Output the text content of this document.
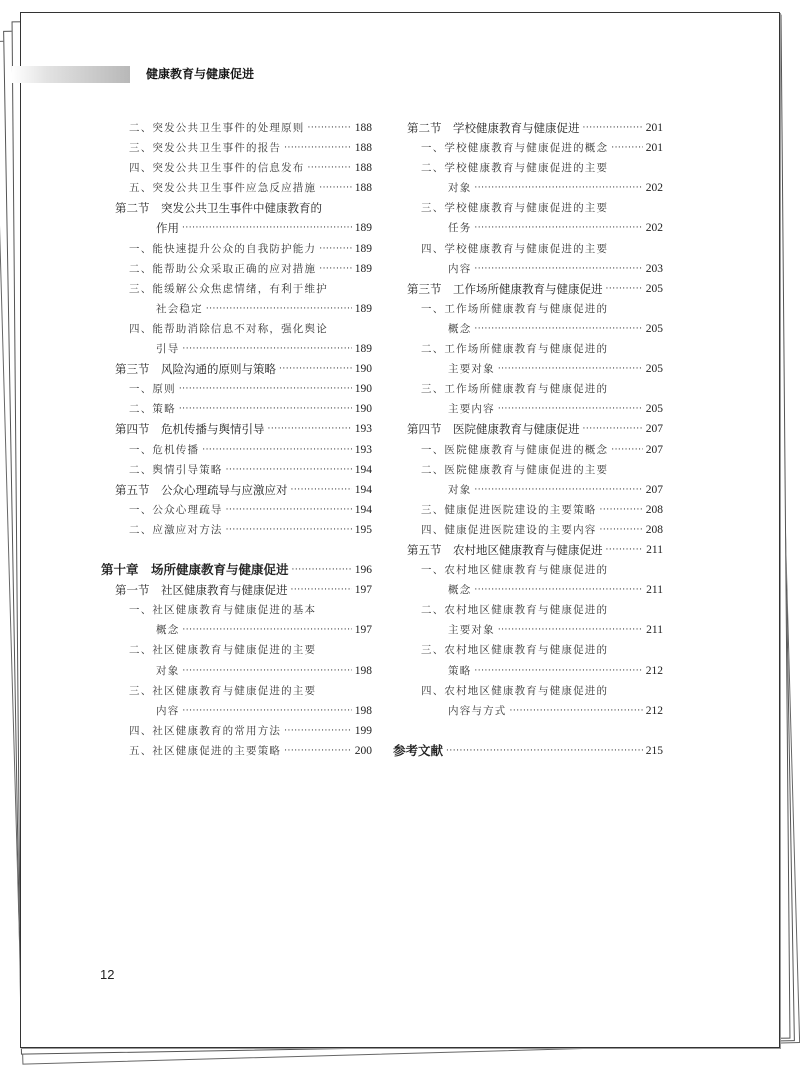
健康教育与健康促进
二、突发公共卫生事件的处理原则 ·····	188
三、突发公共卫生事件的报告 ·····	188
四、突发公共卫生事件的信息发布 ·····	188
五、突发公共卫生事件应急反应措施 ·····	188
第二节　突发公共卫生事件中健康教育的
作用 ·····	189
一、能快速提升公众的自我防护能力 ·····	189
二、能帮助公众采取正确的应对措施 ·····	189
三、能缓解公众焦虑情绪，有利于维护
社会稳定 ·····	189
四、能帮助消除信息不对称，强化舆论
引导 ·····	189
第三节　风险沟通的原则与策略 ·····	190
一、原则 ·····	190
二、策略 ·····	190
第四节　危机传播与舆情引导 ·····	193
一、危机传播 ·····	193
二、舆情引导策略 ·····	194
第五节　公众心理疏导与应激应对 ·····	194
一、公众心理疏导 ·····	194
二、应激应对方法 ·····	195
第十章　场所健康教育与健康促进 ·····	196
第一节　社区健康教育与健康促进 ·····	197
一、社区健康教育与健康促进的基本
概念 ·····	197
二、社区健康教育与健康促进的主要
对象 ·····	198
三、社区健康教育与健康促进的主要
内容 ·····	198
四、社区健康教育的常用方法 ·····	199
五、社区健康促进的主要策略 ·····	200
第二节　学校健康教育与健康促进 ·····	201
一、学校健康教育与健康促进的概念 ·····	201
二、学校健康教育与健康促进的主要
对象 ·····	202
三、学校健康教育与健康促进的主要
任务 ·····	202
四、学校健康教育与健康促进的主要
内容 ·····	203
第三节　工作场所健康教育与健康促进 ·····	205
一、工作场所健康教育与健康促进的
概念 ·····	205
二、工作场所健康教育与健康促进的
主要对象 ·····	205
三、工作场所健康教育与健康促进的
主要内容 ·····	205
第四节　医院健康教育与健康促进 ·····	207
一、医院健康教育与健康促进的概念 ·····	207
二、医院健康教育与健康促进的主要
对象 ·····	207
三、健康促进医院建设的主要策略 ·····	208
四、健康促进医院建设的主要内容 ·····	208
第五节　农村地区健康教育与健康促进 ·····	211
一、农村地区健康教育与健康促进的
概念 ·····	211
二、农村地区健康教育与健康促进的
主要对象 ·····	211
三、农村地区健康教育与健康促进的
策略 ·····	212
四、农村地区健康教育与健康促进的
内容与方式 ·····	212
参考文献 ·····	215
12
